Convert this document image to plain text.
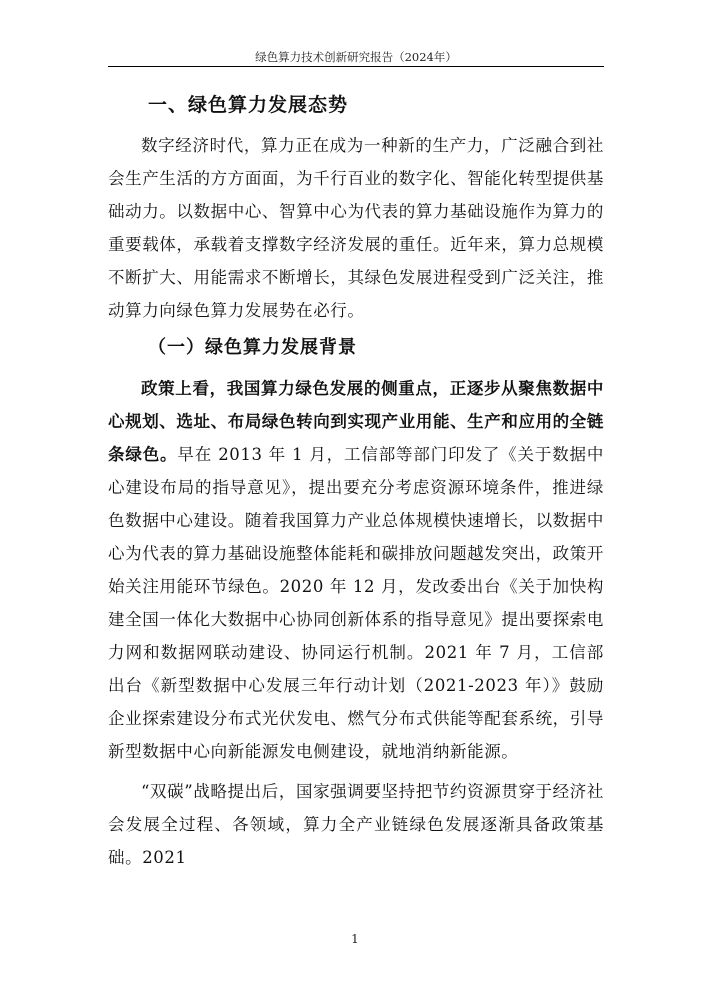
绿色算力技术创新研究报告（2024年）
一、绿色算力发展态势

数字经济时代，算力正在成为一种新的生产力，广泛融合到社会生产生活的方方面面，为千行百业的数字化、智能化转型提供基础动力。以数据中心、智算中心为代表的算力基础设施作为算力的重要载体，承载着支撑数字经济发展的重任。近年来，算力总规模不断扩大、用能需求不断增长，其绿色发展进程受到广泛关注，推动算力向绿色算力发展势在必行。

（一）绿色算力发展背景

政策上看，我国算力绿色发展的侧重点，正逐步从聚焦数据中心规划、选址、布局绿色转向到实现产业用能、生产和应用的全链条绿色。早在 2013 年 1 月，工信部等部门印发了《关于数据中心建设布局的指导意见》，提出要充分考虑资源环境条件，推进绿色数据中心建设。随着我国算力产业总体规模快速增长，以数据中心为代表的算力基础设施整体能耗和碳排放问题越发突出，政策开始关注用能环节绿色。2020 年 12 月，发改委出台《关于加快构建全国一体化大数据中心协同创新体系的指导意见》提出要探索电力网和数据网联动建设、协同运行机制。2021 年 7 月，工信部出台《新型数据中心发展三年行动计划（2021-2023 年）》鼓励企业探索建设分布式光伏发电、燃气分布式供能等配套系统，引导新型数据中心向新能源发电侧建设，就地消纳新能源。

“双碳”战略提出后，国家强调要坚持把节约资源贯穿于经济社会发展全过程、各领域，算力全产业链绿色发展逐渐具备政策基础。2021

1
